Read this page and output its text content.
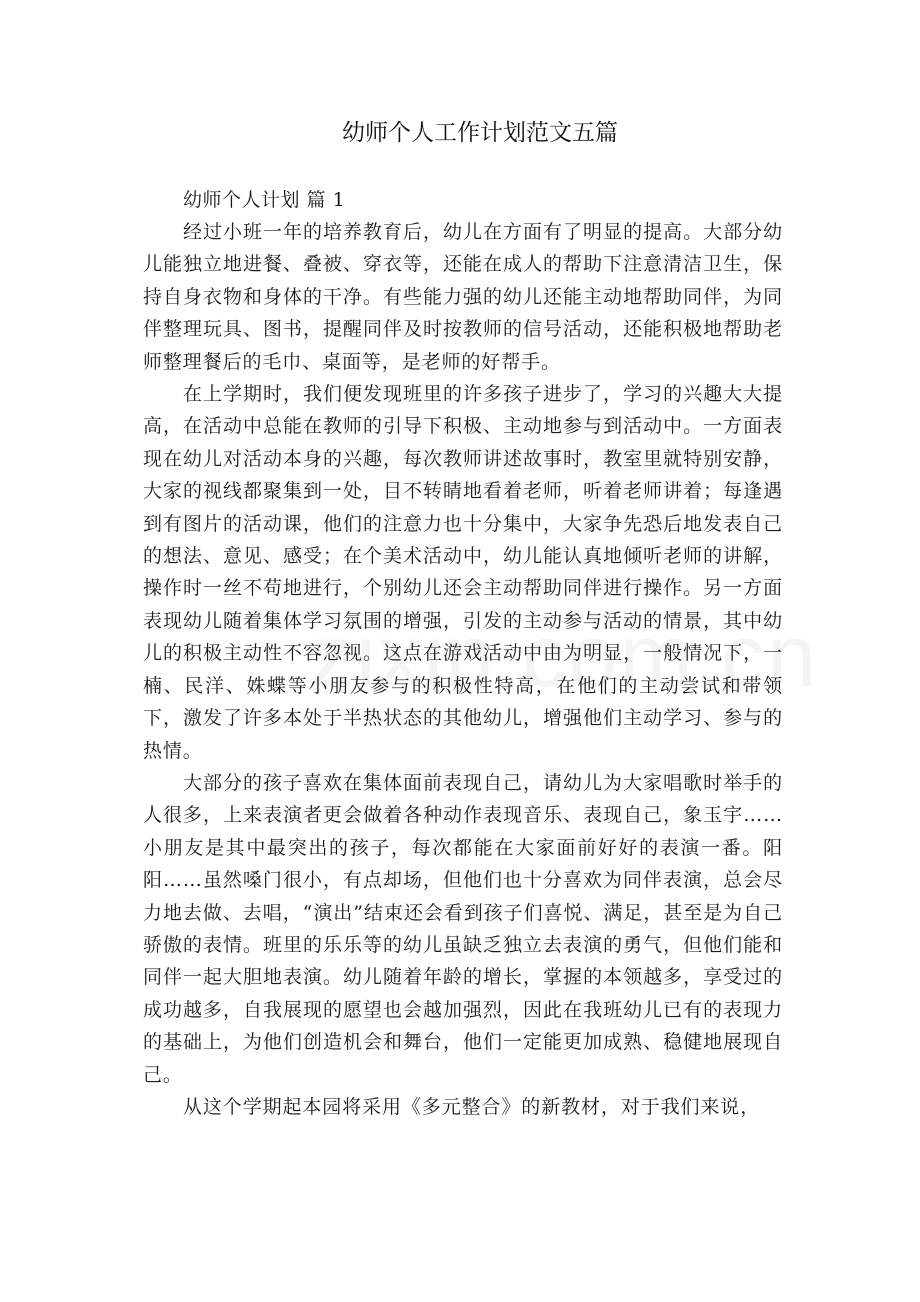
幼师个人工作计划范文五篇

幼师个人计划 篇 1

经过小班一年的培养教育后，幼儿在方面有了明显的提高。大部分幼儿能独立地进餐、叠被、穿衣等，还能在成人的帮助下注意清洁卫生，保持自身衣物和身体的干净。有些能力强的幼儿还能主动地帮助同伴，为同伴整理玩具、图书，提醒同伴及时按教师的信号活动，还能积极地帮助老师整理餐后的毛巾、桌面等，是老师的好帮手。

在上学期时，我们便发现班里的许多孩子进步了，学习的兴趣大大提高，在活动中总能在教师的引导下积极、主动地参与到活动中。一方面表现在幼儿对活动本身的兴趣，每次教师讲述故事时，教室里就特别安静，大家的视线都聚集到一处，目不转睛地看着老师，听着老师讲着；每逢遇到有图片的活动课，他们的注意力也十分集中，大家争先恐后地发表自己的想法、意见、感受；在个美术活动中，幼儿能认真地倾听老师的讲解，操作时一丝不苟地进行，个别幼儿还会主动帮助同伴进行操作。另一方面表现幼儿随着集体学习氛围的增强，引发的主动参与活动的情景，其中幼儿的积极主动性不容忽视。这点在游戏活动中由为明显，一般情况下，一楠、民洋、姝蝶等小朋友参与的积极性特高，在他们的主动尝试和带领下，激发了许多本处于半热状态的其他幼儿，增强他们主动学习、参与的热情。

大部分的孩子喜欢在集体面前表现自己，请幼儿为大家唱歌时举手的人很多，上来表演者更会做着各种动作表现音乐、表现自己，象玉宇……小朋友是其中最突出的孩子，每次都能在大家面前好好的表演一番。阳阳……虽然嗓门很小，有点却场，但他们也十分喜欢为同伴表演，总会尽力地去做、去唱，“演出”结束还会看到孩子们喜悦、满足，甚至是为自己骄傲的表情。班里的乐乐等的幼儿虽缺乏独立去表演的勇气，但他们能和同伴一起大胆地表演。幼儿随着年龄的增长，掌握的本领越多，享受过的成功越多，自我展现的愿望也会越加强烈，因此在我班幼儿已有的表现力的基础上，为他们创造机会和舞台，他们一定能更加成熟、稳健地展现自己。

从这个学期起本园将采用《多元整合》的新教材，对于我们来说，
